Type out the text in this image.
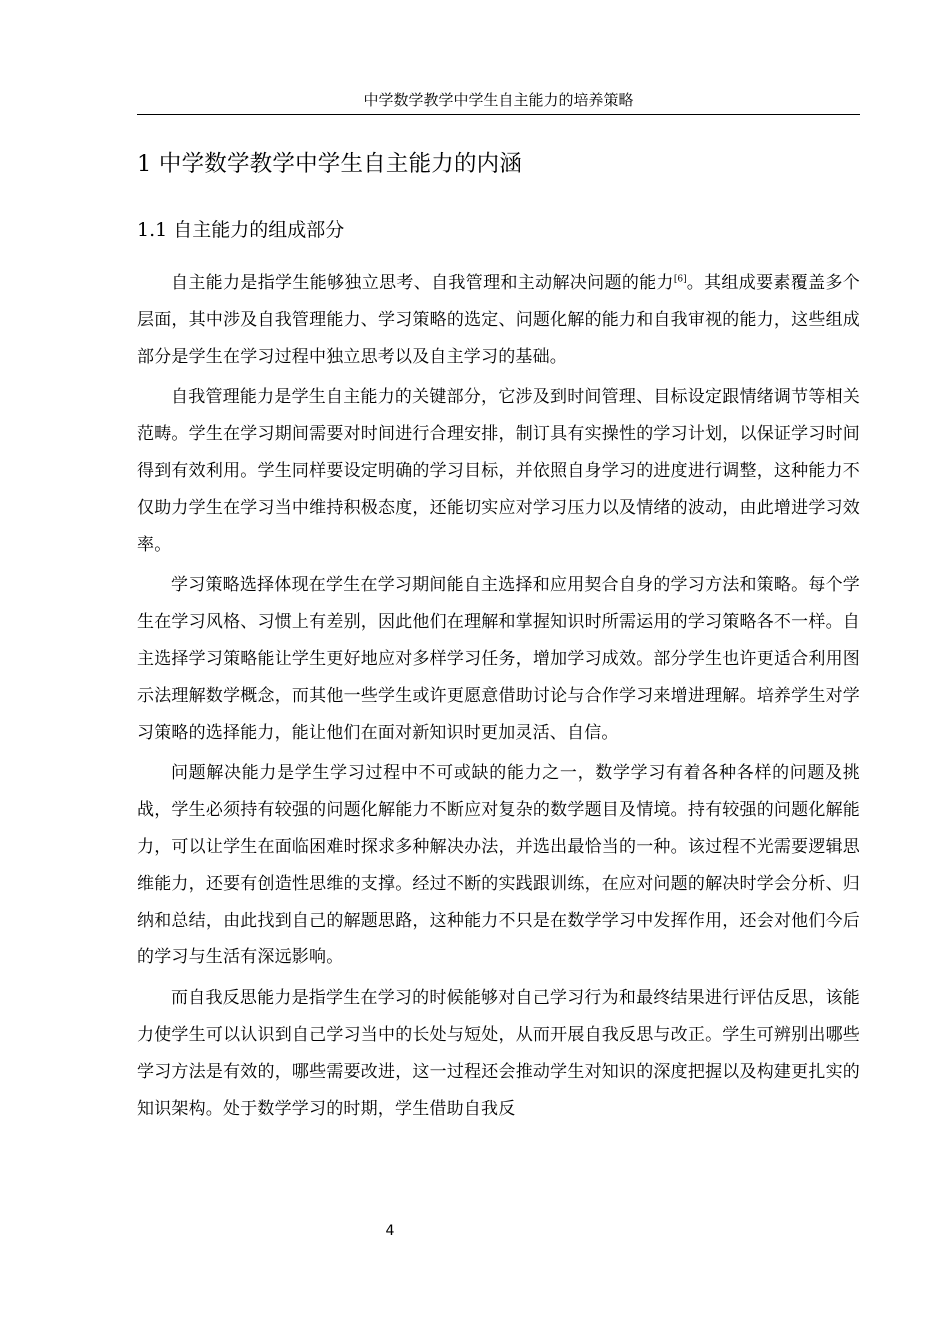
中学数学教学中学生自主能力的培养策略
1 中学数学教学中学生自主能力的内涵
1.1 自主能力的组成部分

自主能力是指学生能够独立思考、自我管理和主动解决问题的能力[6]。其组成要素覆盖多个层面，其中涉及自我管理能力、学习策略的选定、问题化解的能力和自我审视的能力，这些组成部分是学生在学习过程中独立思考以及自主学习的基础。

自我管理能力是学生自主能力的关键部分，它涉及到时间管理、目标设定跟情绪调节等相关范畴。学生在学习期间需要对时间进行合理安排，制订具有实操性的学习计划，以保证学习时间得到有效利用。学生同样要设定明确的学习目标，并依照自身学习的进度进行调整，这种能力不仅助力学生在学习当中维持积极态度，还能切实应对学习压力以及情绪的波动，由此增进学习效率。

学习策略选择体现在学生在学习期间能自主选择和应用契合自身的学习方法和策略。每个学生在学习风格、习惯上有差别，因此他们在理解和掌握知识时所需运用的学习策略各不一样。自主选择学习策略能让学生更好地应对多样学习任务，增加学习成效。部分学生也许更适合利用图示法理解数学概念，而其他一些学生或许更愿意借助讨论与合作学习来增进理解。培养学生对学习策略的选择能力，能让他们在面对新知识时更加灵活、自信。

问题解决能力是学生学习过程中不可或缺的能力之一，数学学习有着各种各样的问题及挑战，学生必须持有较强的问题化解能力不断应对复杂的数学题目及情境。持有较强的问题化解能力，可以让学生在面临困难时探求多种解决办法，并选出最恰当的一种。该过程不光需要逻辑思维能力，还要有创造性思维的支撑。经过不断的实践跟训练，在应对问题的解决时学会分析、归纳和总结，由此找到自己的解题思路，这种能力不只是在数学学习中发挥作用，还会对他们今后的学习与生活有深远影响。

而自我反思能力是指学生在学习的时候能够对自己学习行为和最终结果进行评估反思，该能力使学生可以认识到自己学习当中的长处与短处，从而开展自我反思与改正。学生可辨别出哪些学习方法是有效的，哪些需要改进，这一过程还会推动学生对知识的深度把握以及构建更扎实的知识架构。处于数学学习的时期，学生借助自我反

4
